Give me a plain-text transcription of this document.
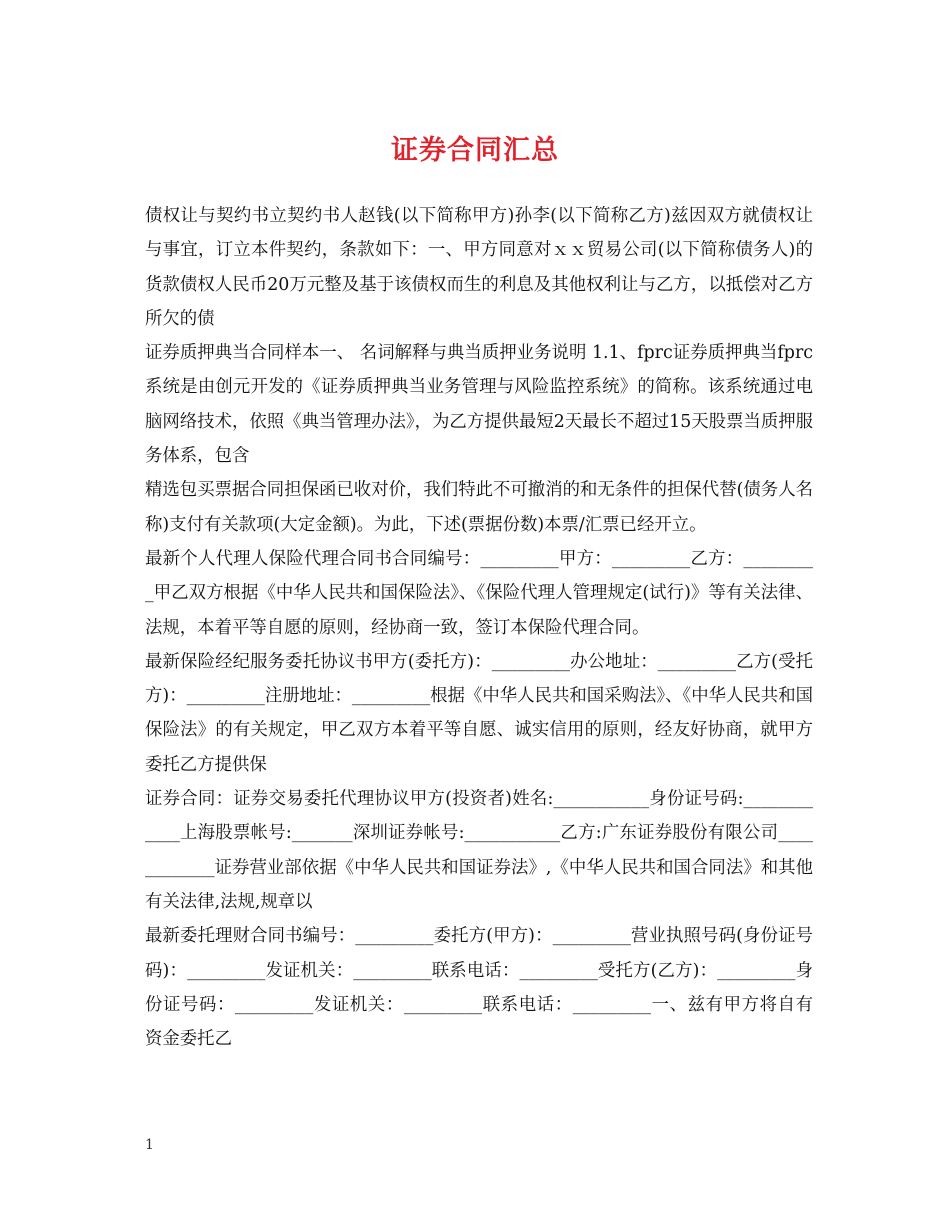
证券合同汇总

债权让与契约书立契约书人赵钱(以下简称甲方)孙李(以下简称乙方)兹因双方就债权让与事宜，订立本件契约，条款如下：一、甲方同意对ｘｘ贸易公司(以下简称债务人)的货款债权人民币20万元整及基于该债权而生的利息及其他权利让与乙方，以抵偿对乙方所欠的债

证券质押典当合同样本一、 名词解释与典当质押业务说明 1.1、fprc证券质押典当fprc系统是由创元开发的《证券质押典当业务管理与风险监控系统》的简称。该系统通过电脑网络技术，依照《典当管理办法》，为乙方提供最短2天最长不超过15天股票当质押服务体系，包含

精选包买票据合同担保函已收对价，我们特此不可撤消的和无条件的担保代替(债务人名称)支付有关款项(大定金额)。为此，下述(票据份数)本票/汇票已经开立。

最新个人代理人保险代理合同书合同编号：_________甲方：_________乙方：_________甲乙双方根据《中华人民共和国保险法》、《保险代理人管理规定(试行)》等有关法律、法规，本着平等自愿的原则，经协商一致，签订本保险代理合同。

最新保险经纪服务委托协议书甲方(委托方)：_________办公地址：_________乙方(受托方)：_________注册地址：_________根据《中华人民共和国采购法》、《中华人民共和国保险法》的有关规定，甲乙双方本着平等自愿、诚实信用的原则，经友好协商，就甲方委托乙方提供保

证券合同：证券交易委托代理协议甲方(投资者)姓名:___________身份证号码:____________上海股票帐号:_______深圳证券帐号:___________乙方:广东证券股份有限公司____________证券营业部依据《中华人民共和国证券法》,《中华人民共和国合同法》和其他有关法律,法规,规章以

最新委托理财合同书编号：_________委托方(甲方)：_________营业执照号码(身份证号码)：_________发证机关：_________联系电话：_________受托方(乙方)：_________身份证号码：_________发证机关：_________联系电话：_________一、兹有甲方将自有资金委托乙

1
